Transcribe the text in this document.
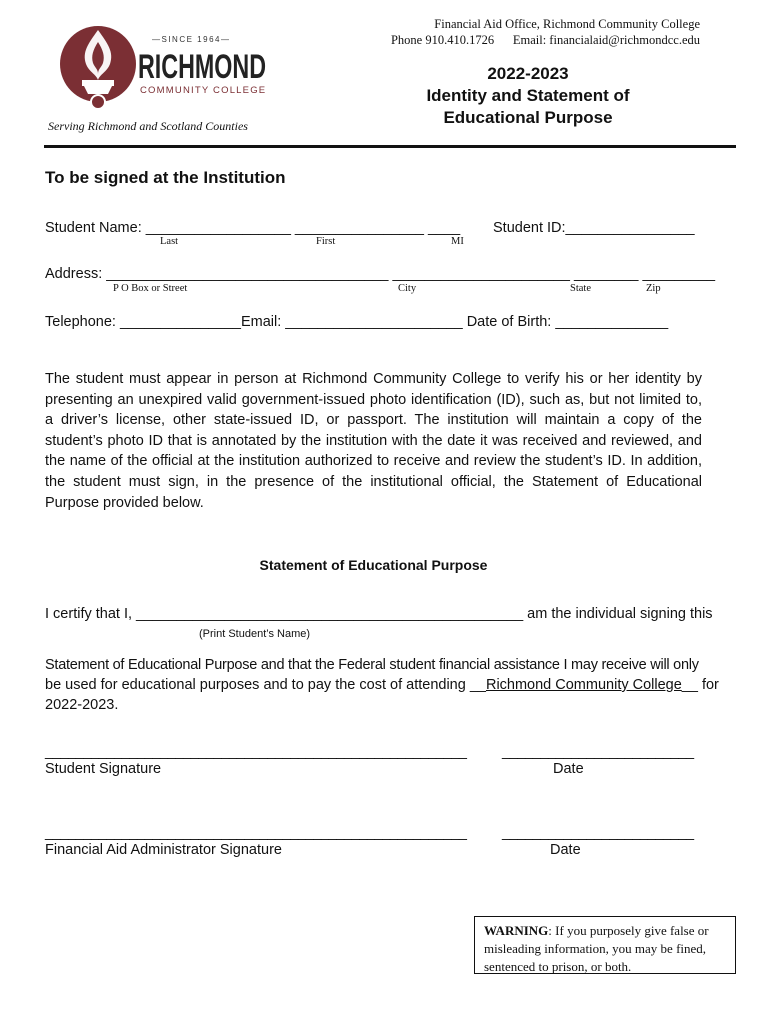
—SINCE 1964—
RICHMOND
COMMUNITY COLLEGE
Serving Richmond and Scotland Counties
Financial Aid Office, Richmond Community College
Phone 910.410.1726      Email: financialaid@richmondcc.edu
2022-2023
Identity and Statement of
Educational Purpose
To be signed at the Institution
Student Name: __________________ ________________ ____
Last	First	MI
Student ID:________________
Address: ___________________________________ ______________________ ________ _________
P O Box or Street	City	State	Zip
Telephone: _______________Email: ______________________ Date of Birth: ______________
The student must appear in person at Richmond Community College to verify his or her identity by presenting an unexpired valid government-issued photo identification (ID), such as, but not limited to, a driver’s license, other state-issued ID, or passport. The institution will maintain a copy of the student’s photo ID that is annotated by the institution with the date it was received and reviewed, and the name of the official at the institution authorized to receive and review the student’s ID. In addition, the student must sign, in the presence of the institutional official, the Statement of Educational Purpose provided below.
Statement of Educational Purpose
I certify that I, ________________________________________________ am the individual signing this
(Print Student’s Name)
Statement of Educational Purpose and that the Federal student financial assistance I may receive will only
be used for educational purposes and to pay the cost of attending __Richmond Community College__ for
2022-2023.
_______________________________________________________ _________________________
Student Signature	Date
_______________________________________________________ _________________________
Financial Aid Administrator Signature	Date
WARNING: If you purposely give false or
misleading information, you may be fined,
sentenced to prison, or both.
